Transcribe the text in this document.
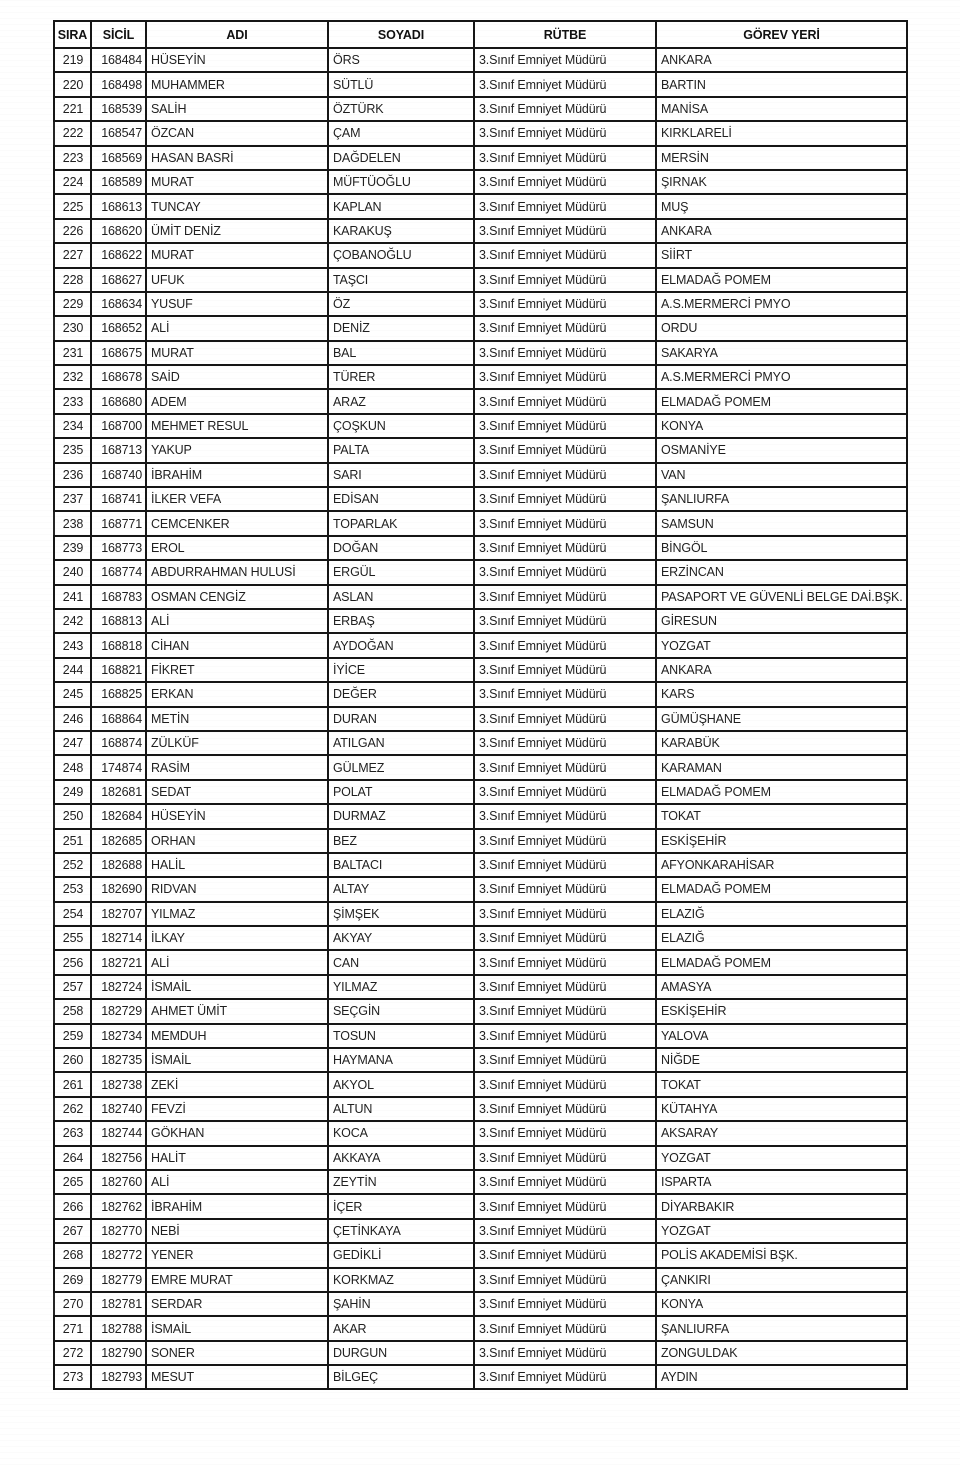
SIRA	SİCİL	ADI	SOYADI	RÜTBE	GÖREV YERİ
219	168484	HÜSEYİN	ÖRS	3.Sınıf Emniyet Müdürü	ANKARA
220	168498	MUHAMMER	SÜTLÜ	3.Sınıf Emniyet Müdürü	BARTIN
221	168539	SALİH	ÖZTÜRK	3.Sınıf Emniyet Müdürü	MANİSA
222	168547	ÖZCAN	ÇAM	3.Sınıf Emniyet Müdürü	KIRKLARELİ
223	168569	HASAN BASRİ	DAĞDELEN	3.Sınıf Emniyet Müdürü	MERSİN
224	168589	MURAT	MÜFTÜOĞLU	3.Sınıf Emniyet Müdürü	ŞIRNAK
225	168613	TUNCAY	KAPLAN	3.Sınıf Emniyet Müdürü	MUŞ
226	168620	ÜMİT DENİZ	KARAKUŞ	3.Sınıf Emniyet Müdürü	ANKARA
227	168622	MURAT	ÇOBANOĞLU	3.Sınıf Emniyet Müdürü	SİİRT
228	168627	UFUK	TAŞCI	3.Sınıf Emniyet Müdürü	ELMADAĞ POMEM
229	168634	YUSUF	ÖZ	3.Sınıf Emniyet Müdürü	A.S.MERMERCİ PMYO
230	168652	ALİ	DENİZ	3.Sınıf Emniyet Müdürü	ORDU
231	168675	MURAT	BAL	3.Sınıf Emniyet Müdürü	SAKARYA
232	168678	SAİD	TÜRER	3.Sınıf Emniyet Müdürü	A.S.MERMERCİ PMYO
233	168680	ADEM	ARAZ	3.Sınıf Emniyet Müdürü	ELMADAĞ POMEM
234	168700	MEHMET RESUL	ÇOŞKUN	3.Sınıf Emniyet Müdürü	KONYA
235	168713	YAKUP	PALTA	3.Sınıf Emniyet Müdürü	OSMANİYE
236	168740	İBRAHİM	SARI	3.Sınıf Emniyet Müdürü	VAN
237	168741	İLKER VEFA	EDİSAN	3.Sınıf Emniyet Müdürü	ŞANLIURFA
238	168771	CEMCENKER	TOPARLAK	3.Sınıf Emniyet Müdürü	SAMSUN
239	168773	EROL	DOĞAN	3.Sınıf Emniyet Müdürü	BİNGÖL
240	168774	ABDURRAHMAN HULUSİ	ERGÜL	3.Sınıf Emniyet Müdürü	ERZİNCAN
241	168783	OSMAN CENGİZ	ASLAN	3.Sınıf Emniyet Müdürü	PASAPORT VE GÜVENLİ BELGE DAİ.BŞK.
242	168813	ALİ	ERBAŞ	3.Sınıf Emniyet Müdürü	GİRESUN
243	168818	CİHAN	AYDOĞAN	3.Sınıf Emniyet Müdürü	YOZGAT
244	168821	FİKRET	İYİCE	3.Sınıf Emniyet Müdürü	ANKARA
245	168825	ERKAN	DEĞER	3.Sınıf Emniyet Müdürü	KARS
246	168864	METİN	DURAN	3.Sınıf Emniyet Müdürü	GÜMÜŞHANE
247	168874	ZÜLKÜF	ATILGAN	3.Sınıf Emniyet Müdürü	KARABÜK
248	174874	RASİM	GÜLMEZ	3.Sınıf Emniyet Müdürü	KARAMAN
249	182681	SEDAT	POLAT	3.Sınıf Emniyet Müdürü	ELMADAĞ POMEM
250	182684	HÜSEYİN	DURMAZ	3.Sınıf Emniyet Müdürü	TOKAT
251	182685	ORHAN	BEZ	3.Sınıf Emniyet Müdürü	ESKİŞEHİR
252	182688	HALİL	BALTACI	3.Sınıf Emniyet Müdürü	AFYONKARAHİSAR
253	182690	RIDVAN	ALTAY	3.Sınıf Emniyet Müdürü	ELMADAĞ POMEM
254	182707	YILMAZ	ŞİMŞEK	3.Sınıf Emniyet Müdürü	ELAZIĞ
255	182714	İLKAY	AKYAY	3.Sınıf Emniyet Müdürü	ELAZIĞ
256	182721	ALİ	CAN	3.Sınıf Emniyet Müdürü	ELMADAĞ POMEM
257	182724	İSMAİL	YILMAZ	3.Sınıf Emniyet Müdürü	AMASYA
258	182729	AHMET ÜMİT	SEÇGİN	3.Sınıf Emniyet Müdürü	ESKİŞEHİR
259	182734	MEMDUH	TOSUN	3.Sınıf Emniyet Müdürü	YALOVA
260	182735	İSMAİL	HAYMANA	3.Sınıf Emniyet Müdürü	NİĞDE
261	182738	ZEKİ	AKYOL	3.Sınıf Emniyet Müdürü	TOKAT
262	182740	FEVZİ	ALTUN	3.Sınıf Emniyet Müdürü	KÜTAHYA
263	182744	GÖKHAN	KOCA	3.Sınıf Emniyet Müdürü	AKSARAY
264	182756	HALİT	AKKAYA	3.Sınıf Emniyet Müdürü	YOZGAT
265	182760	ALİ	ZEYTİN	3.Sınıf Emniyet Müdürü	ISPARTA
266	182762	İBRAHİM	İÇER	3.Sınıf Emniyet Müdürü	DİYARBAKIR
267	182770	NEBİ	ÇETİNKAYA	3.Sınıf Emniyet Müdürü	YOZGAT
268	182772	YENER	GEDİKLİ	3.Sınıf Emniyet Müdürü	POLİS AKADEMİSİ BŞK.
269	182779	EMRE MURAT	KORKMAZ	3.Sınıf Emniyet Müdürü	ÇANKIRI
270	182781	SERDAR	ŞAHİN	3.Sınıf Emniyet Müdürü	KONYA
271	182788	İSMAİL	AKAR	3.Sınıf Emniyet Müdürü	ŞANLIURFA
272	182790	SONER	DURGUN	3.Sınıf Emniyet Müdürü	ZONGULDAK
273	182793	MESUT	BİLGEÇ	3.Sınıf Emniyet Müdürü	AYDIN
